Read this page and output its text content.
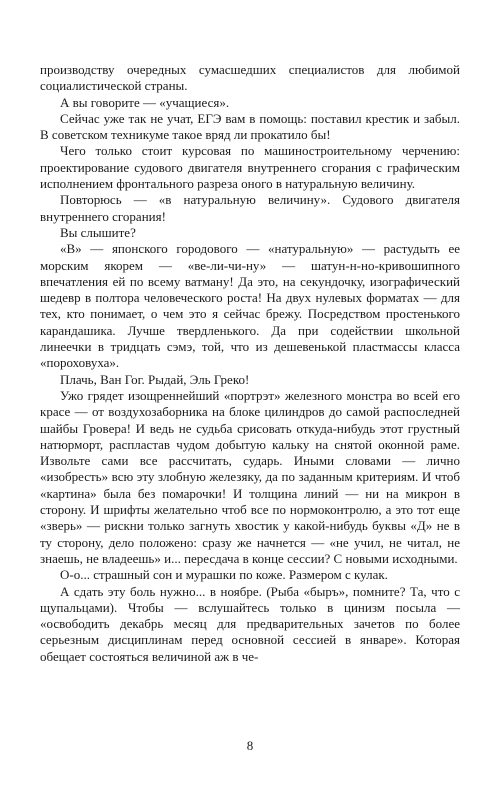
производству очередных сумасшедших специалистов для любимой социалистической страны.

А вы говорите — «учащиеся».

Сейчас уже так не учат, ЕГЭ вам в помощь: поставил крестик и забыл. В советском техникуме такое вряд ли прокатило бы!

Чего только стоит курсовая по машиностроительному черчению: проектирование судового двигателя внутреннего сгорания с графическим исполнением фронтального разреза оного в натуральную величину.

Повторюсь — «в натуральную величину». Судового двигателя внутреннего сгорания!

Вы слышите?

«В» — японского городового — «натуральную» — растудыть ее морским якорем — «ве-ли-чи-ну» — шатун-н-но-кривошипного впечатления ей по всему ватману! Да это, на секундочку, изографический шедевр в полтора человеческого роста! На двух нулевых форматах — для тех, кто понимает, о чем это я сейчас брежу. Посредством простенького карандашика. Лучше твердленького. Да при содействии школьной линеечки в тридцать сэмэ, той, что из дешевенькой пластмассы класса «пороховуха».

Плачь, Ван Гог. Рыдай, Эль Греко!

Ужо грядет изощреннейший «портрэт» железного монстра во всей его красе — от воздухозаборника на блоке цилиндров до самой распоследней шайбы Гровера! И ведь не судьба срисовать откуда-нибудь этот грустный натюрморт, распластав чудом добытую кальку на снятой оконной раме. Извольте сами все рассчитать, сударь. Иными словами — лично «изобресть» всю эту злобную железяку, да по заданным критериям. И чтоб «картина» была без помарочки! И толщина линий — ни на микрон в сторону. И шрифты желательно чтоб все по нормоконтролю, а это тот еще «зверь» — рискни только загнуть хвостик у какой-нибудь буквы «Д» не в ту сторону, дело положено: сразу же начнется — «не учил, не читал, не знаешь, не владеешь» и... пересдача в конце сессии? С новыми исходными.

О-о... страшный сон и мурашки по коже. Размером с кулак.

А сдать эту боль нужно... в ноябре. (Рыба «быръ», помните? Та, что с щупальцами). Чтобы — вслушайтесь только в цинизм посыла — «освободить декабрь месяц для предварительных зачетов по более серьезным дисциплинам перед основной сессией в январе». Которая обещает состояться величиной аж в че-

8
